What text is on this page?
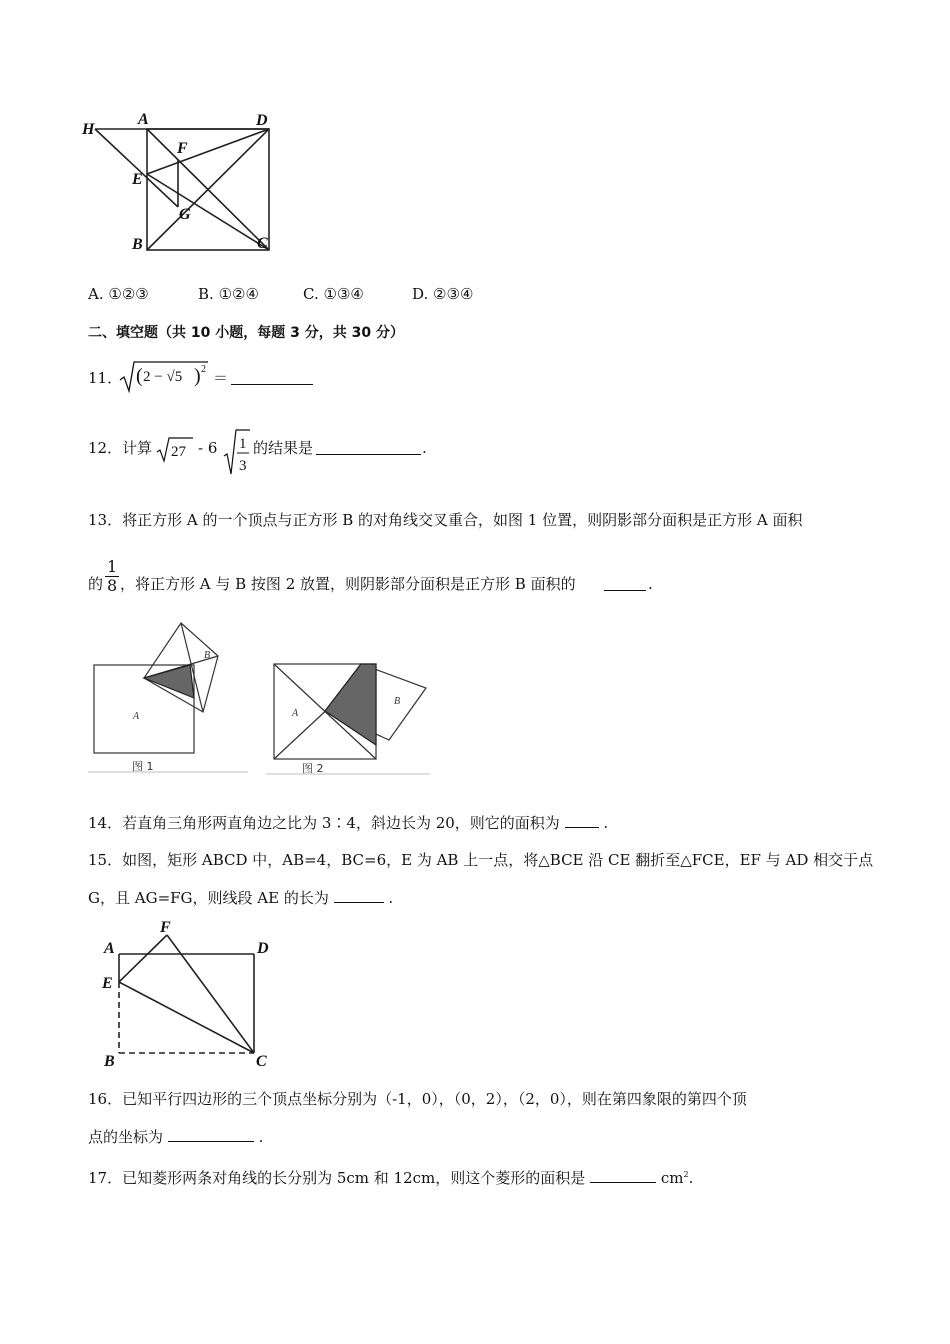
H
A	D
F
E
G
B	C
A. ①②③	B. ①②④	C. ①③④	D. ②③④
二、填空题（共 10 小题，每题 3 分，共 30 分）
11． ( 2 − √5 ) 2 ＝
12．计算 27 - 6 1
3
的结果是	.
13．将正方形 A 的一个顶点与正方形 B 的对角线交叉重合，如图 1 位置，则阴影部分面积是正方形 A 面积
的 $\frac{1}{8}$ ，将正方形 A 与 B 按图 2 放置，则阴影部分面积是正方形 B 面积的	.
A
B
图 1
A
B
图 2
14．若直角三角形两直角边之比为 3∶4，斜边长为 20，则它的面积为	.
15．如图，矩形 ABCD 中，AB=4，BC=6，E 为 AB 上一点，将△BCE 沿 CE 翻折至△FCE，EF 与 AD 相交于点
G，且 AG=FG，则线段 AE 的长为	.
A
F
D
E
B	C
16．已知平行四边形的三个顶点坐标分别为（-1，0），（0，2），（2，0），则在第四象限的第四个顶
点的坐标为	.
17．已知菱形两条对角线的长分别为 5cm 和 12cm，则这个菱形的面积是	$cm^2$.
